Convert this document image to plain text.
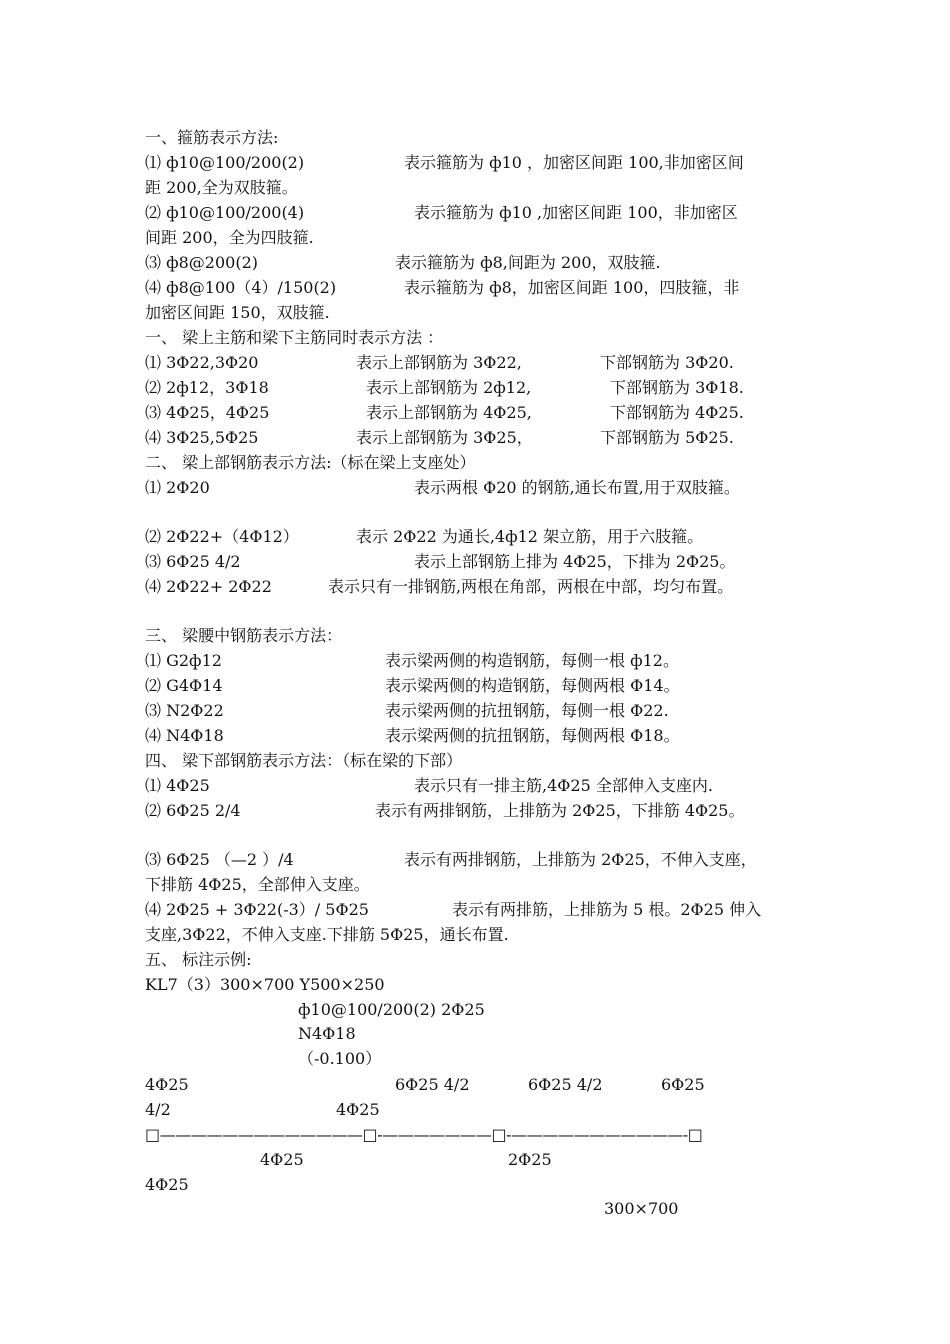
一、箍筋表示方法:
⑴ ф10@100/200(2)	表示箍筋为 ф10 ，加密区间距 100,非加密区间
距 200,全为双肢箍。
⑵ ф10@100/200(4)	表示箍筋为 ф10 ,加密区间距 100，非加密区
间距 200，全为四肢箍.
⑶ ф8@200(2)	表示箍筋为 ф8,间距为 200，双肢箍.
⑷ ф8@100（4）/150(2)	表示箍筋为 ф8，加密区间距 100，四肢箍，非
加密区间距 150，双肢箍.
一、 梁上主筋和梁下主筋同时表示方法 ：
⑴ 3Φ22,3Φ20	表示上部钢筋为 3Φ22,	下部钢筋为 3Φ20.
⑵ 2ф12，3Φ18	表示上部钢筋为 2ф12,	下部钢筋为 3Φ18.
⑶ 4Φ25，4Φ25	表示上部钢筋为 4Φ25,	下部钢筋为 4Φ25.
⑷ 3Φ25,5Φ25	表示上部钢筋为 3Φ25，	下部钢筋为 5Φ25.
二、 梁上部钢筋表示方法:（标在梁上支座处）
⑴ 2Φ20	表示两根 Φ20 的钢筋,通长布置,用于双肢箍。
⑵ 2Φ22+（4Φ12）	表示 2Φ22 为通长,4ф12 架立筋，用于六肢箍。
⑶ 6Φ25 4/2	表示上部钢筋上排为 4Φ25，下排为 2Φ25。
⑷ 2Φ22+ 2Φ22	表示只有一排钢筋,两根在角部，两根在中部，均匀布置。
三、 梁腰中钢筋表示方法：
⑴ G2ф12	表示梁两侧的构造钢筋，每侧一根 ф12。
⑵ G4Φ14	表示梁两侧的构造钢筋，每侧两根 Φ14。
⑶ N2Φ22	表示梁两侧的抗扭钢筋，每侧一根 Φ22.
⑷ N4Φ18	表示梁两侧的抗扭钢筋，每侧两根 Φ18。
四、 梁下部钢筋表示方法：（标在梁的下部）
⑴ 4Φ25	表示只有一排主筋,4Φ25 全部伸入支座内.
⑵ 6Φ25 2/4	表示有两排钢筋，上排筋为 2Φ25，下排筋 4Φ25。
⑶ 6Φ25 （—2 ）/4	表示有两排钢筋，上排筋为 2Φ25，不伸入支座，
下排筋 4Φ25，全部伸入支座。
⑷ 2Φ25 + 3Φ22(-3）/ 5Φ25	表示有两排筋，上排筋为 5 根。2Φ25 伸入
支座,3Φ22，不伸入支座.下排筋 5Φ25，通长布置.
五、 标注示例:
KL7（3）300×700 Y500×250
ф10@100/200(2) 2Φ25
N4Φ18
（-0.100）
4Φ25	6Φ25 4/2	6Φ25 4/2	6Φ25
4/2	4Φ25
□—————————————□-———————□-———————————-□
4Φ25	2Φ25
4Φ25
300×700
